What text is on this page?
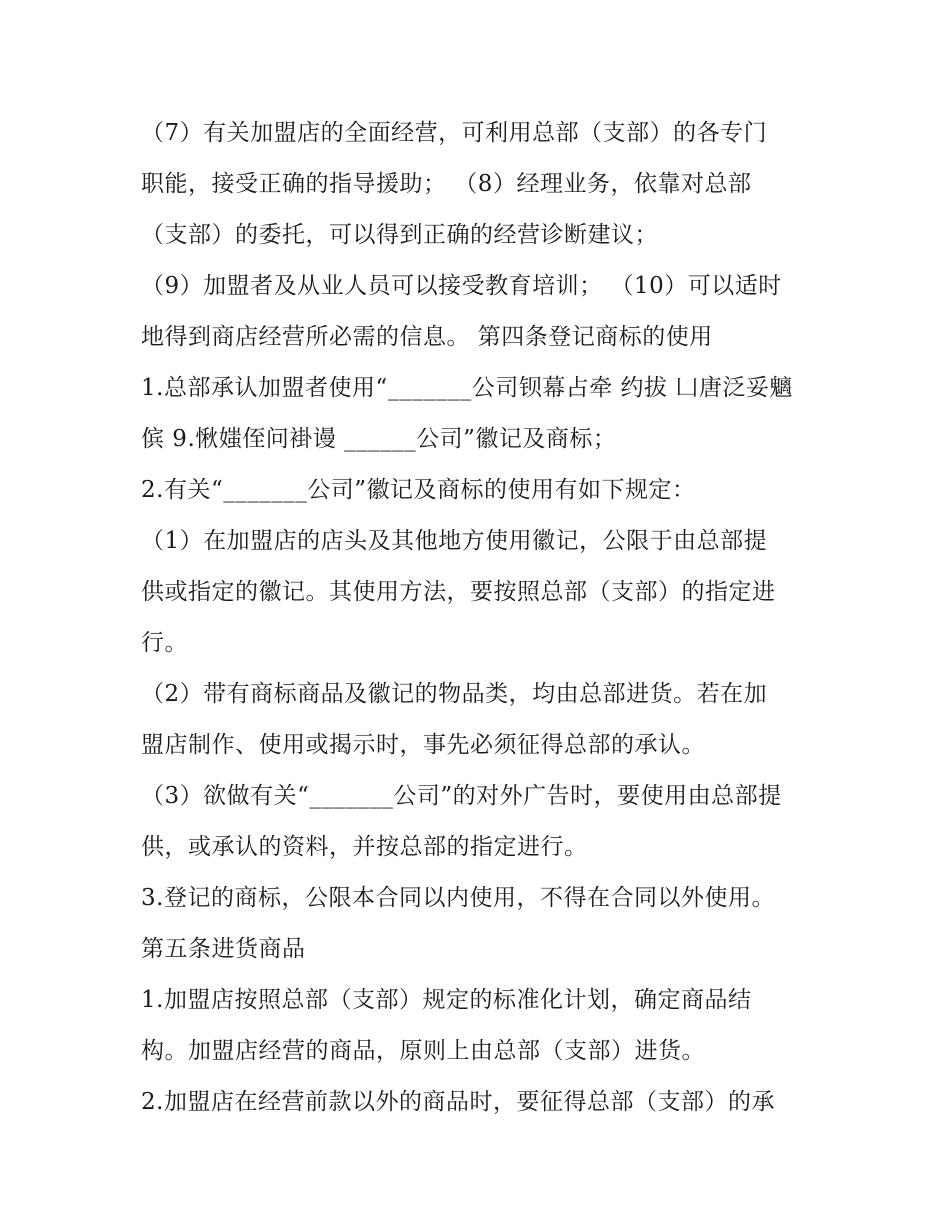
（7）有关加盟店的全面经营，可利用总部（支部）的各专门
职能，接受正确的指导援助； （8）经理业务，依靠对总部
（支部）的委托，可以得到正确的经营诊断建议；
（9）加盟者及从业人员可以接受教育培训； （10）可以适时
地得到商店经营所必需的信息。 第四条登记商标的使用
1.总部承认加盟者使用“_______公司钡幕占牵 约拔 凵唐泛妥魑
傧 9.愀媸侄问褂谩 ______公司”徽记及商标；
2.有关“_______公司”徽记及商标的使用有如下规定：
（1）在加盟店的店头及其他地方使用徽记，公限于由总部提
供或指定的徽记。其使用方法，要按照总部（支部）的指定进
行。
（2）带有商标商品及徽记的物品类，均由总部进货。若在加
盟店制作、使用或揭示时，事先必须征得总部的承认。
（3）欲做有关“_______公司”的对外广告时，要使用由总部提
供，或承认的资料，并按总部的指定进行。
3.登记的商标，公限本合同以内使用，不得在合同以外使用。
第五条进货商品
1.加盟店按照总部（支部）规定的标准化计划，确定商品结
构。加盟店经营的商品，原则上由总部（支部）进货。
2.加盟店在经营前款以外的商品时，要征得总部（支部）的承
